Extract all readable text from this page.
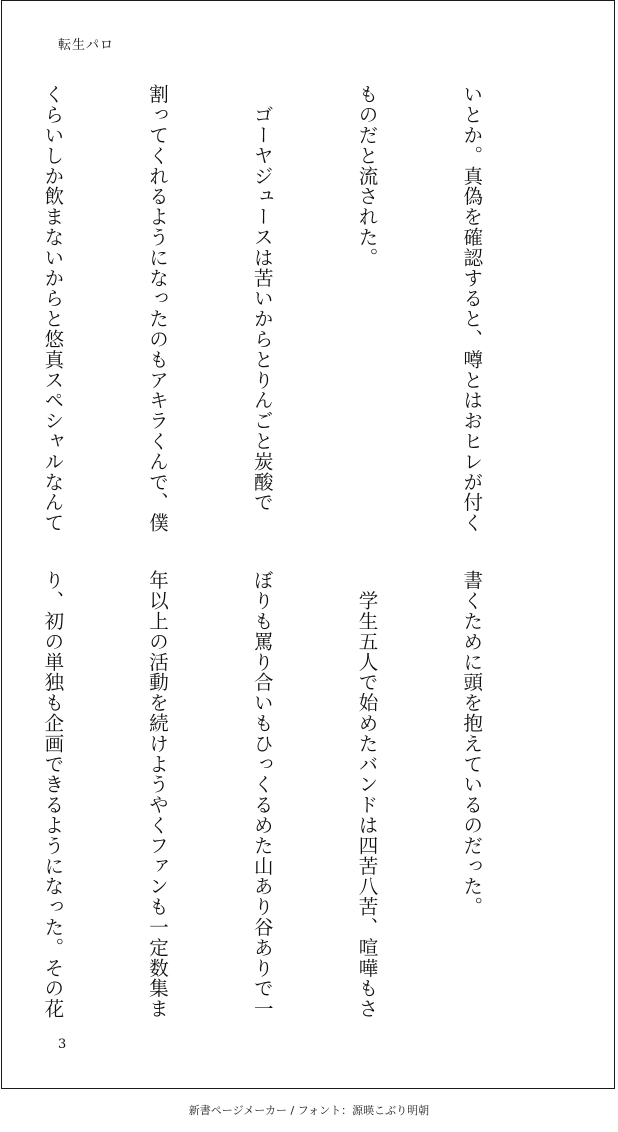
転生パロ

いとか。真偽を確認すると、噂とはおヒレが付く

ものだと流された。

　ゴーヤジュースは苦いからとりんごと炭酸で

割ってくれるようになったのもアキラくんで、僕

くらいしか飲まないからと悠真スペシャルなんて

書くために頭を抱えているのだった。

　学生五人で始めたバンドは四苦八苦、喧嘩もさ

ぼりも罵り合いもひっくるめた山あり谷ありで一

年以上の活動を続けようやくファンも一定数集ま

り、初の単独も企画できるようになった。その花

3
新書ページメーカー / フォント：源暎こぶり明朝
